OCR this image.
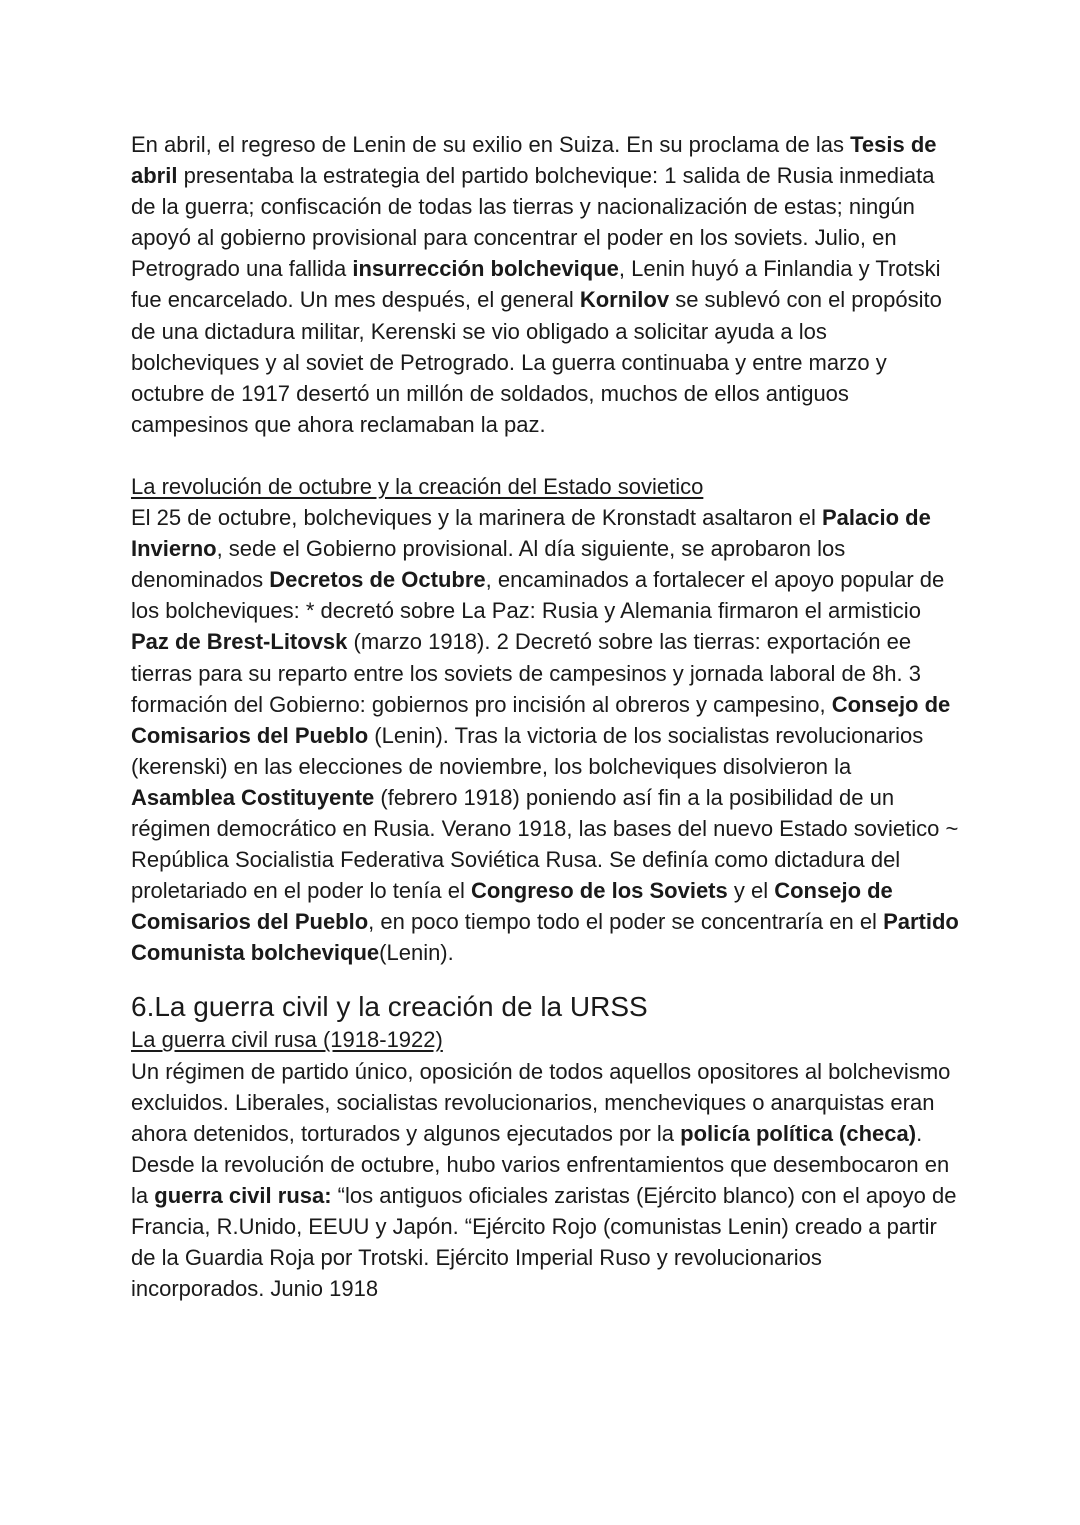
En abril, el regreso de Lenin de su exilio en Suiza. En su proclama de las Tesis de abril presentaba la estrategia del partido bolchevique: 1 salida de Rusia inmediata de la guerra; confiscación de todas las tierras y nacionalización de estas; ningún apoyó al gobierno provisional para concentrar el poder en los soviets. Julio, en Petrogrado una fallida insurrección bolchevique, Lenin huyó a Finlandia y Trotski fue encarcelado. Un mes después, el general Kornilov se sublevó con el propósito de una dictadura militar, Kerenski se vio obligado a solicitar ayuda a los bolcheviques y al soviet de Petrogrado. La guerra continuaba y entre marzo y octubre de 1917 desertó un millón de soldados, muchos de ellos antiguos campesinos que ahora reclamaban la paz.

La revolución de octubre y la creación del Estado sovietico

El 25 de octubre, bolcheviques y la marinera de Kronstadt asaltaron el Palacio de Invierno, sede el Gobierno provisional. Al día siguiente, se aprobaron los denominados Decretos de Octubre, encaminados a fortalecer el apoyo popular de los bolcheviques: * decretó sobre La Paz: Rusia y Alemania firmaron el armisticio Paz de Brest-Litovsk (marzo 1918). 2 Decretó sobre las tierras: exportación ee tierras para su reparto entre los soviets de campesinos y jornada laboral de 8h. 3 formación del Gobierno: gobiernos pro incisión al obreros y campesino, Consejo de Comisarios del Pueblo (Lenin). Tras la victoria de los socialistas revolucionarios (kerenski) en las elecciones de noviembre, los bolcheviques disolvieron la Asamblea Costituyente (febrero 1918) poniendo así fin a la posibilidad de un régimen democrático en Rusia. Verano 1918, las bases del nuevo Estado sovietico ~ República Socialistia Federativa Soviética Rusa. Se definía como dictadura del proletariado en el poder lo tenía el Congreso de los Soviets y el Consejo de Comisarios del Pueblo, en poco tiempo todo el poder se concentraría en el Partido Comunista bolchevique(Lenin).

6.La guerra civil y la creación de la URSS

La guerra civil rusa (1918-1922)

Un régimen de partido único, oposición de todos aquellos opositores al bolchevismo excluidos. Liberales, socialistas revolucionarios, mencheviques o anarquistas eran ahora detenidos, torturados y algunos ejecutados por la policía política (checa). Desde la revolución de octubre, hubo varios enfrentamientos que desembocaron en la guerra civil rusa: “los antiguos oficiales zaristas (Ejército blanco) con el apoyo de Francia, R.Unido, EEUU y Japón. “Ejército Rojo (comunistas Lenin) creado a partir de la Guardia Roja por Trotski. Ejército Imperial Ruso y revolucionarios incorporados. Junio 1918
